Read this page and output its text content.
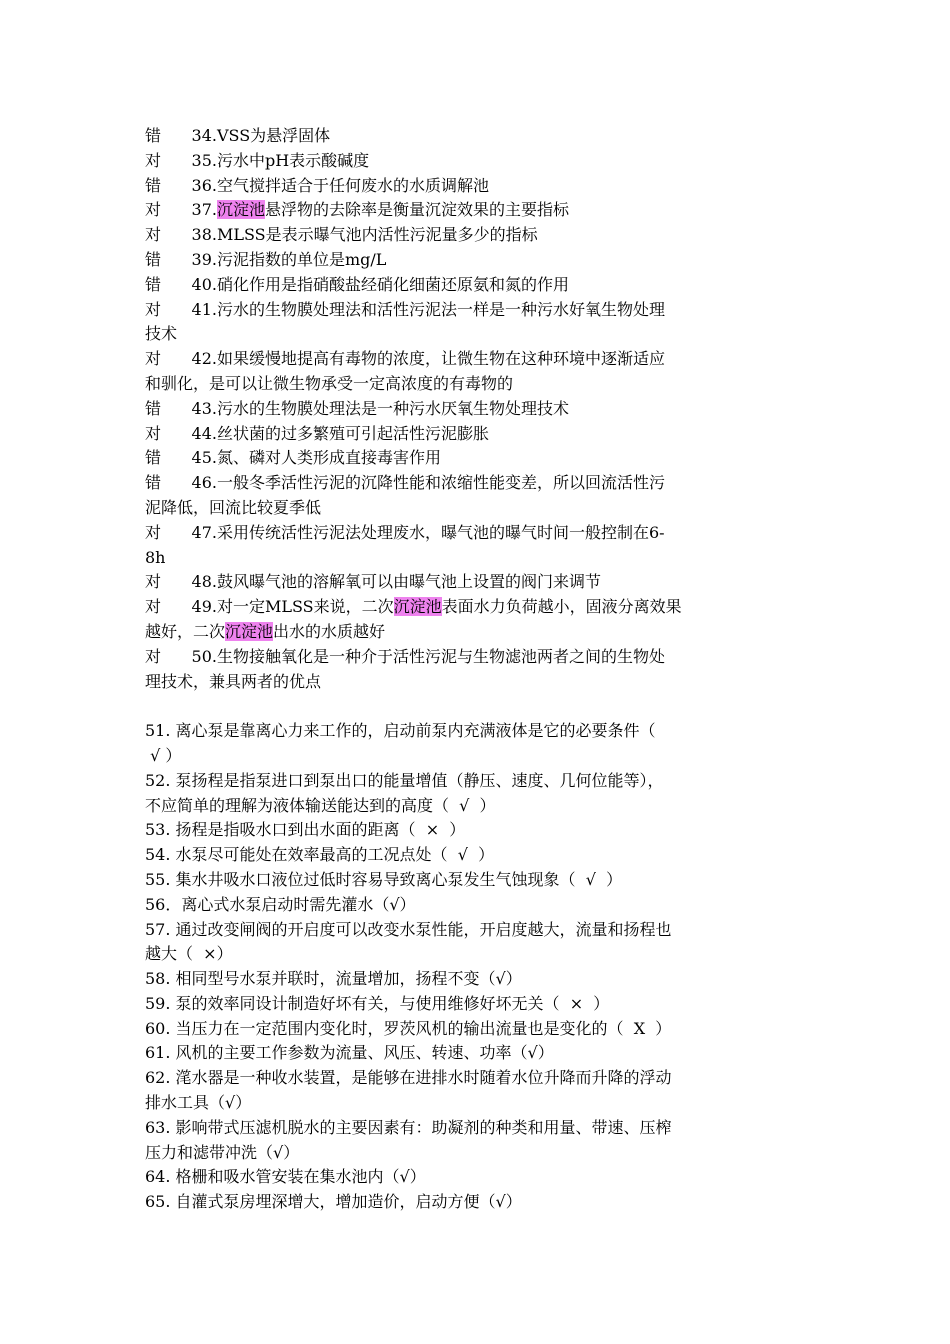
错      34.VSS为悬浮固体
对      35.污水中pH表示酸碱度
错      36.空气搅拌适合于任何废水的水质调解池
对      37.沉淀池悬浮物的去除率是衡量沉淀效果的主要指标
对      38.MLSS是表示曝气池内活性污泥量多少的指标
错      39.污泥指数的单位是mg/L
错      40.硝化作用是指硝酸盐经硝化细菌还原氨和氮的作用
对      41.污水的生物膜处理法和活性污泥法一样是一种污水好氧生物处理
技术
对      42.如果缓慢地提高有毒物的浓度，让微生物在这种环境中逐渐适应
和驯化，是可以让微生物承受一定高浓度的有毒物的
错      43.污水的生物膜处理法是一种污水厌氧生物处理技术
对      44.丝状菌的过多繁殖可引起活性污泥膨胀
错      45.氮、磷对人类形成直接毒害作用
错      46.一般冬季活性污泥的沉降性能和浓缩性能变差，所以回流活性污
泥降低，回流比较夏季低
对      47.采用传统活性污泥法处理废水，曝气池的曝气时间一般控制在6-
8h
对      48.鼓风曝气池的溶解氧可以由曝气池上设置的阀门来调节
对      49.对一定MLSS来说，二次沉淀池表面水力负荷越小，固液分离效果
越好，二次沉淀池出水的水质越好
对      50.生物接触氧化是一种介于活性污泥与生物滤池两者之间的生物处
理技术，兼具两者的优点
51. 离心泵是靠离心力来工作的，启动前泵内充满液体是它的必要条件（
√ ）
52. 泵扬程是指泵进口到泵出口的能量增值（静压、速度、几何位能等），
不应简单的理解为液体输送能达到的高度（  √  ）
53. 扬程是指吸水口到出水面的距离（  ×  ）
54. 水泵尽可能处在效率最高的工况点处（  √  ）
55. 集水井吸水口液位过低时容易导致离心泵发生气蚀现象（  √  ）
56．离心式水泵启动时需先灌水（√）
57. 通过改变闸阀的开启度可以改变水泵性能，开启度越大，流量和扬程也
越大（  ×）
58. 相同型号水泵并联时，流量增加，扬程不变（√）
59. 泵的效率同设计制造好坏有关，与使用维修好坏无关（  ×  ）
60. 当压力在一定范围内变化时，罗茨风机的输出流量也是变化的（  X  ）
61. 风机的主要工作参数为流量、风压、转速、功率（√）
62. 滗水器是一种收水装置，是能够在进排水时随着水位升降而升降的浮动
排水工具（√）
63. 影响带式压滤机脱水的主要因素有：助凝剂的种类和用量、带速、压榨
压力和滤带冲洗（√）
64. 格栅和吸水管安装在集水池内（√）
65. 自灌式泵房埋深增大，增加造价，启动方便（√）
